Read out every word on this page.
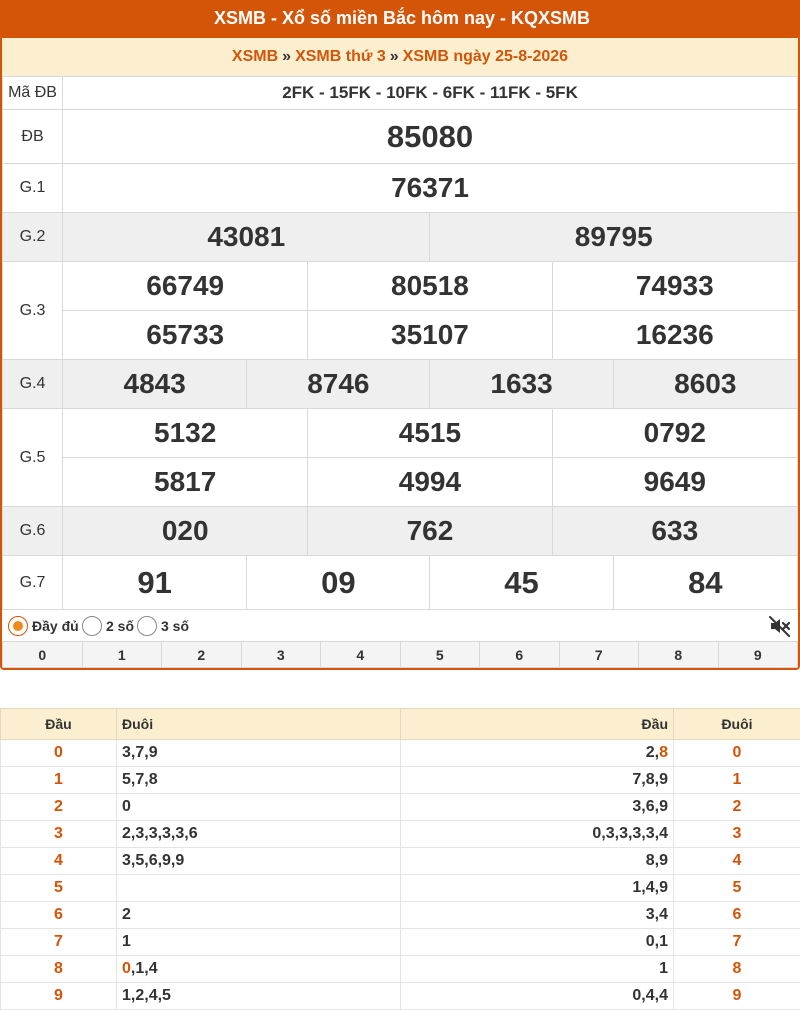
XSMB - Xổ số miền Bắc hôm nay - KQXSMB
XSMB » XSMB thứ 3 » XSMB ngày 25-8-2026
Mã ĐB	2FK - 15FK - 10FK - 6FK - 11FK - 5FK					
ĐB	85080					
G.1	76371					
G.2	43081			89795		
G.3	66749		80518		74933	
	65733		35107		16236	
G.4	4843	8746		1633		8603
G.5	5132		4515		0792	
	5817		4994		9649	
G.6	020		762		633	
G.7	91	09		45		84
Đầy đủ 2 số 3 số
0	1	2	3	4	5	6	7	8	9
Đầu	Đuôi	Đầu	Đuôi
0	3,7,9	2,8	0
1	5,7,8	7,8,9	1
2	0	3,6,9	2
3	2,3,3,3,3,6	0,3,3,3,3,4	3
4	3,5,6,9,9	8,9	4
5		1,4,9	5
6	2	3,4	6
7	1	0,1	7
8	0,1,4	1	8
9	1,2,4,5	0,4,4	9
